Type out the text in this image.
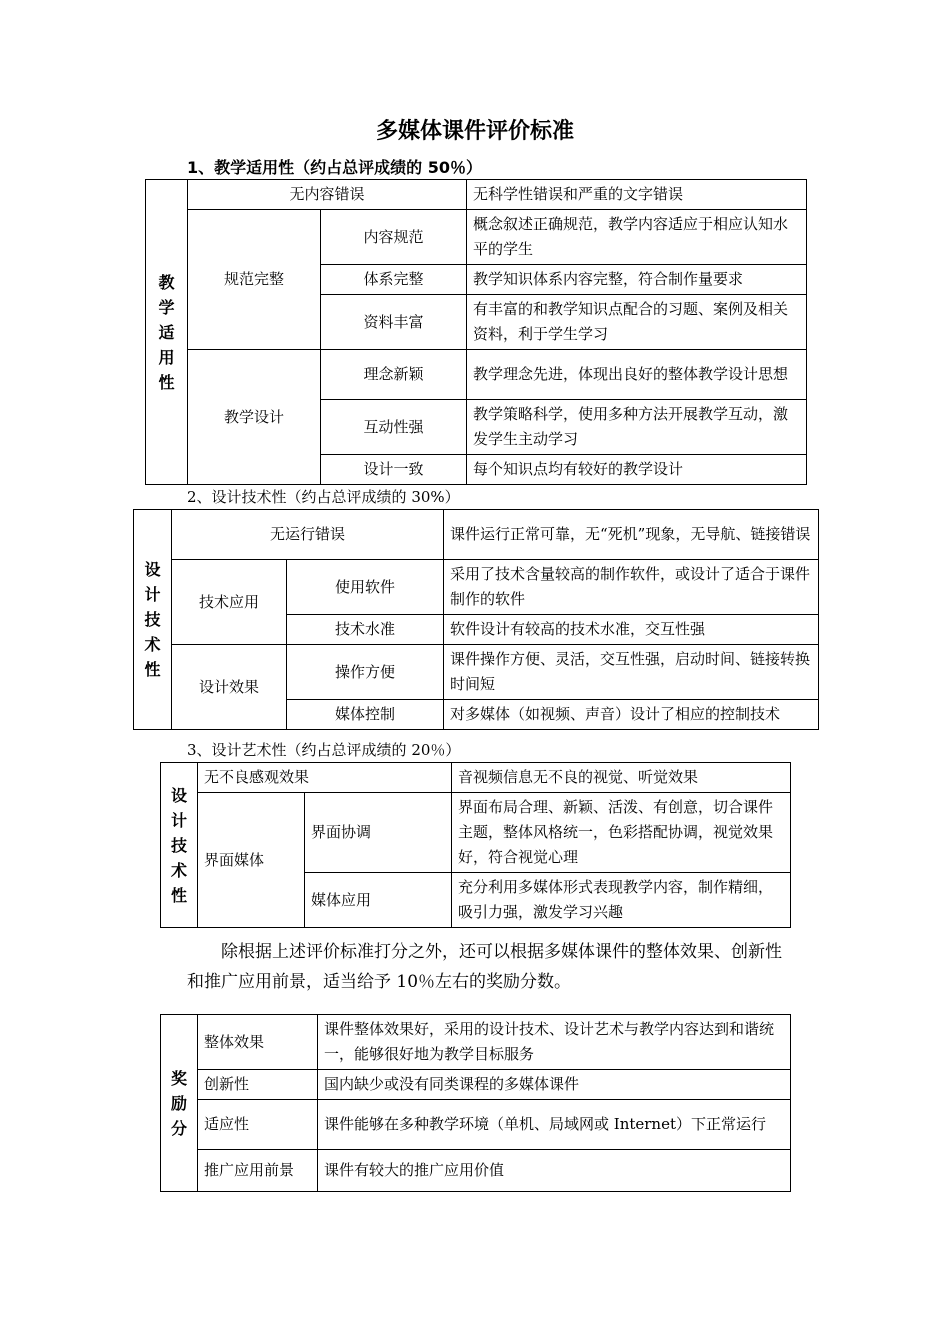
多媒体课件评价标准
1、教学适用性（约占总评成绩的 50％）
教
学
适
用
性	无内容错误		无科学性错误和严重的文字错误
	规范完整	内容规范	概念叙述正确规范，教学内容适应于相应认知水平的学生
		体系完整	教学知识体系内容完整，符合制作量要求
		资料丰富	有丰富的和教学知识点配合的习题、案例及相关资料，利于学生学习
	教学设计	理念新颖	教学理念先进，体现出良好的整体教学设计思想
		互动性强	教学策略科学，使用多种方法开展教学互动，激发学生主动学习
		设计一致	每个知识点均有较好的教学设计
2、设计技术性（约占总评成绩的 30%）
设
计
技
术
性	无运行错误		课件运行正常可靠，无“死机”现象，无导航、链接错误
	技术应用	使用软件	采用了技术含量较高的制作软件，或设计了适合于课件制作的软件
		技术水准	软件设计有较高的技术水准，交互性强
	设计效果	操作方便	课件操作方便、灵活，交互性强，启动时间、链接转换时间短
		媒体控制	对多媒体（如视频、声音）设计了相应的控制技术
3、设计艺术性（约占总评成绩的 20％）
设
计
技
术
性	无不良感观效果		音视频信息无不良的视觉、听觉效果
	界面媒体	界面协调	界面布局合理、新颖、活泼、有创意，切合课件主题，整体风格统一，色彩搭配协调，视觉效果好，符合视觉心理
		媒体应用	充分利用多媒体形式表现教学内容，制作精细，吸引力强，激发学习兴趣
除根据上述评价标准打分之外，还可以根据多媒体课件的整体效果、创新性和推广应用前景，适当给予 10％左右的奖励分数。
奖
励
分	整体效果	课件整体效果好，采用的设计技术、设计艺术与教学内容达到和谐统一，能够很好地为教学目标服务
	创新性	国内缺少或没有同类课程的多媒体课件
	适应性	课件能够在多种教学环境（单机、局域网或 Internet）下正常运行
	推广应用前景	课件有较大的推广应用价值
